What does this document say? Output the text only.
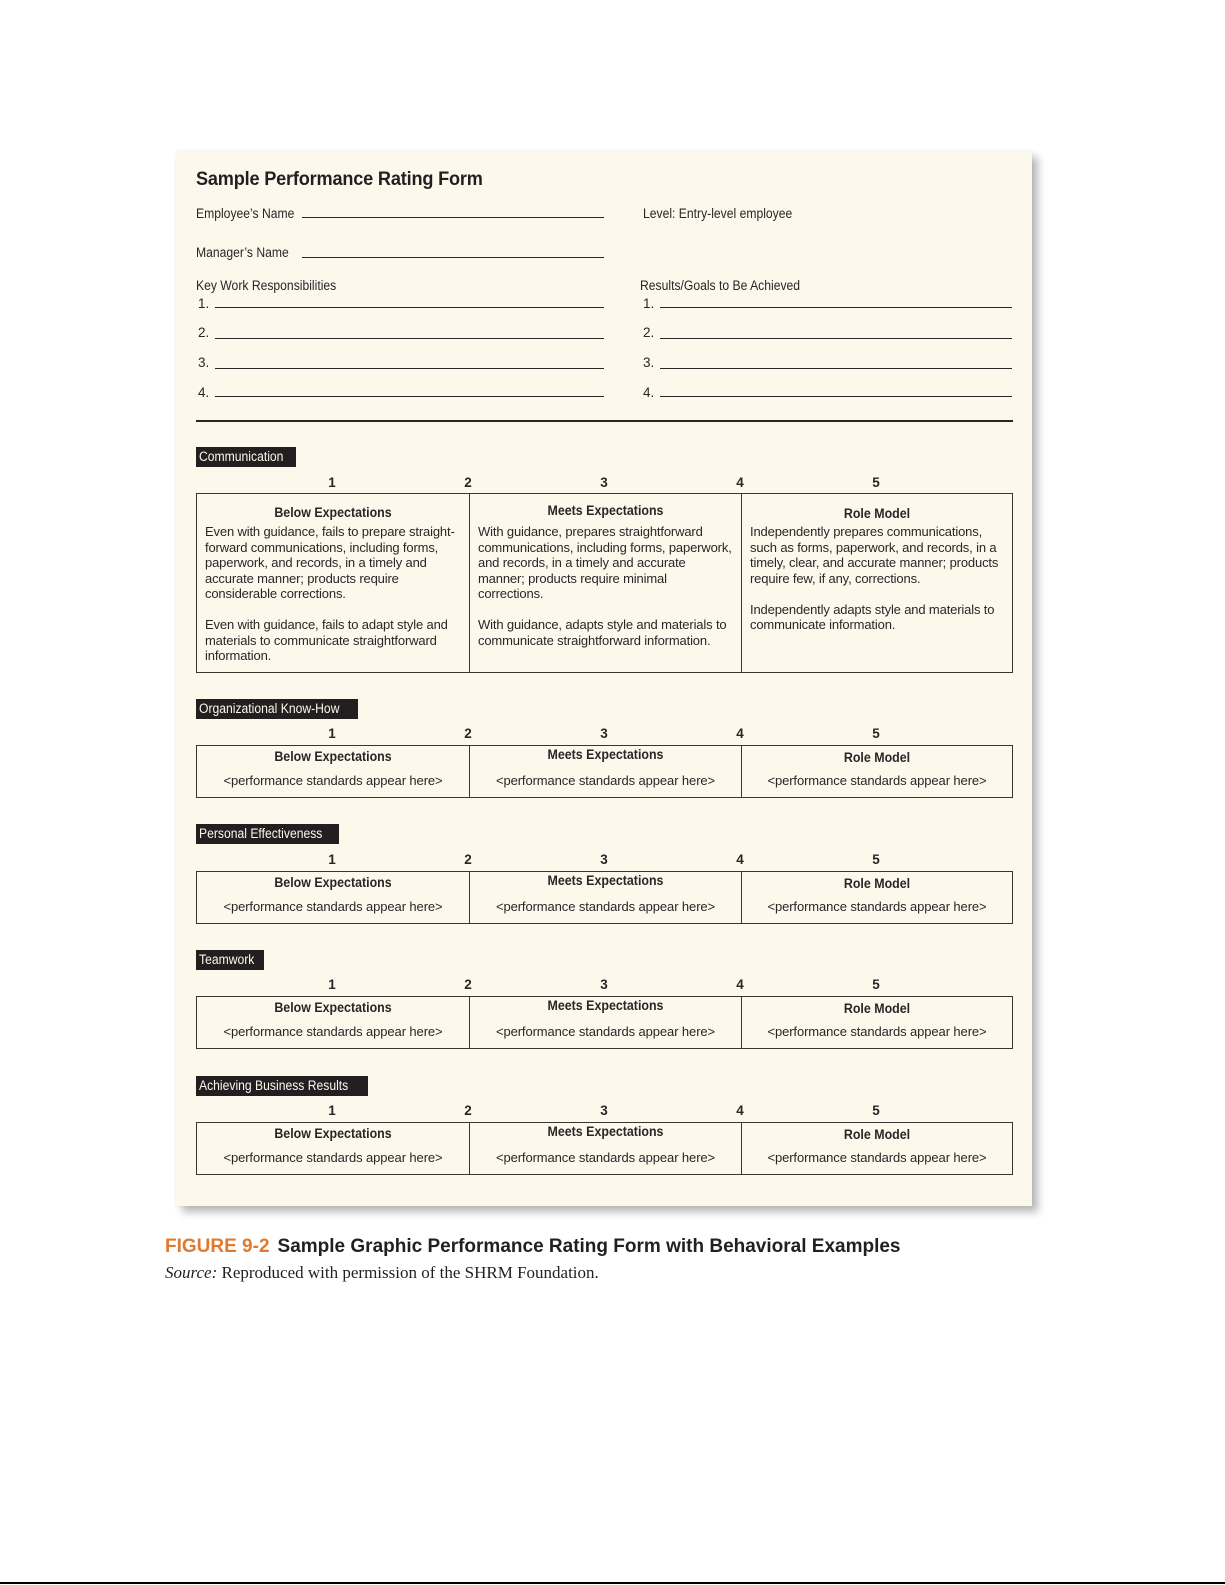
Sample Performance Rating Form
Employee’s Name	Level: Entry-level employee
Manager’s Name
Key Work Responsibilities	Results/Goals to Be Achieved
1.
2.
3.
4.
1.
2.
3.
4.
Communication
1	2	3	4	5
Below Expectations

Even with guidance, fails to prepare straight-forward communications, including forms, paperwork, and records, in a timely and accurate manner; products require considerable corrections.

Even with guidance, fails to adapt style and materials to communicate straightforward information.

Meets Expectations

With guidance, prepares straightforward communications, including forms, paperwork, and records, in a timely and accurate manner; products require minimal corrections.

With guidance, adapts style and materials to communicate straightforward information.

Role Model

Independently prepares communications, such as forms, paperwork, and records, in a timely, clear, and accurate manner; products require few, if any, corrections.

Independently adapts style and materials to communicate information.

Organizational Know-How
1	2	3	4	5
Below Expectations
<performance standards appear here>
Meets Expectations
<performance standards appear here>
Role Model
<performance standards appear here>
Personal Effectiveness
1	2	3	4	5
Below Expectations
<performance standards appear here>
Meets Expectations
<performance standards appear here>
Role Model
<performance standards appear here>
Teamwork
1	2	3	4	5
Below Expectations
<performance standards appear here>
Meets Expectations
<performance standards appear here>
Role Model
<performance standards appear here>
Achieving Business Results
1	2	3	4	5
Below Expectations
<performance standards appear here>
Meets Expectations
<performance standards appear here>
Role Model
<performance standards appear here>
FIGURE 9-2 Sample Graphic Performance Rating Form with Behavioral Examples
Source: Reproduced with permission of the SHRM Foundation.
